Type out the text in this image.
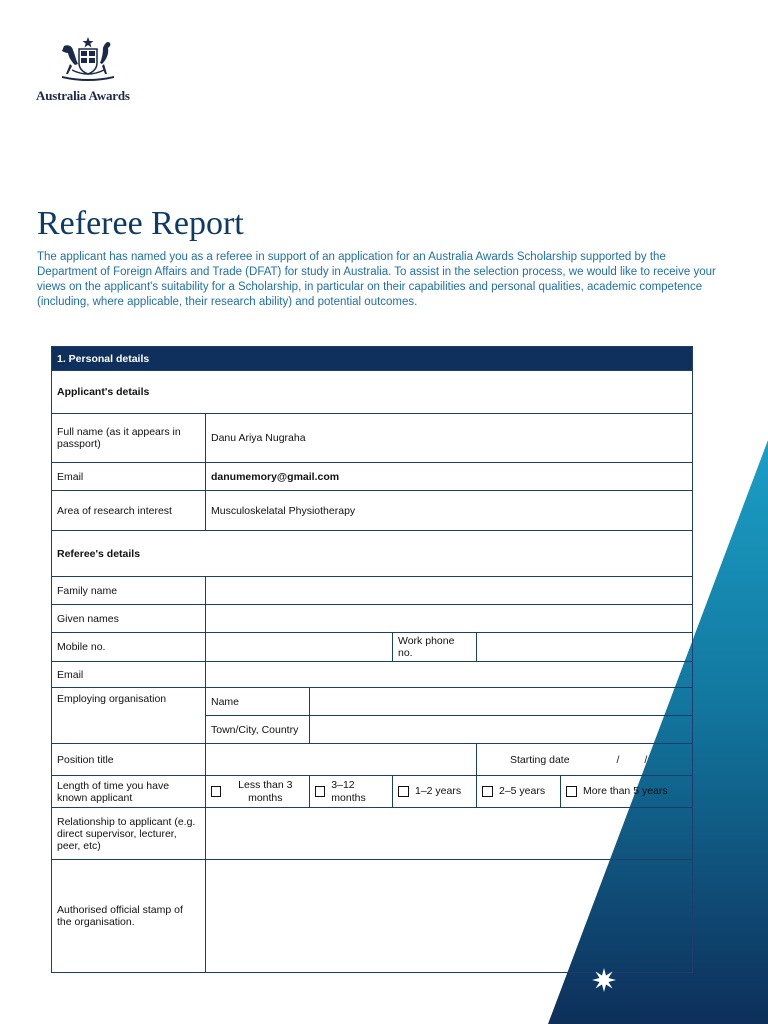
Australia Awards
Referee Report

The applicant has named you as a referee in support of an application for an Australia Awards Scholarship supported by the Department of Foreign Affairs and Trade (DFAT) for study in Australia. To assist in the selection process, we would like to receive your views on the applicant's suitability for a Scholarship, in particular on their capabilities and personal qualities, academic competence (including, where applicable, their research ability) and potential outcomes.

1. Personal details					
Applicant's details					
Full name (as it appears in passport)	Danu Ariya Nugraha				
Email	danumemory@gmail.com				
Area of research interest	Musculoskelatal Physiotherapy				
Referee's details					
Family name					
Given names					
Mobile no.			Work phone no.		
Email					
Employing organisation	Name				
	Town/City, Country				
Position title				Starting date / /	
Length of time you have known applicant	Less than 3 months	3–12 months	1–2 years	2–5 years	More than 5 years

Relationship to applicant (e.g. direct supervisor, lecturer, peer, etc)					
Authorised official stamp of the organisation.					
